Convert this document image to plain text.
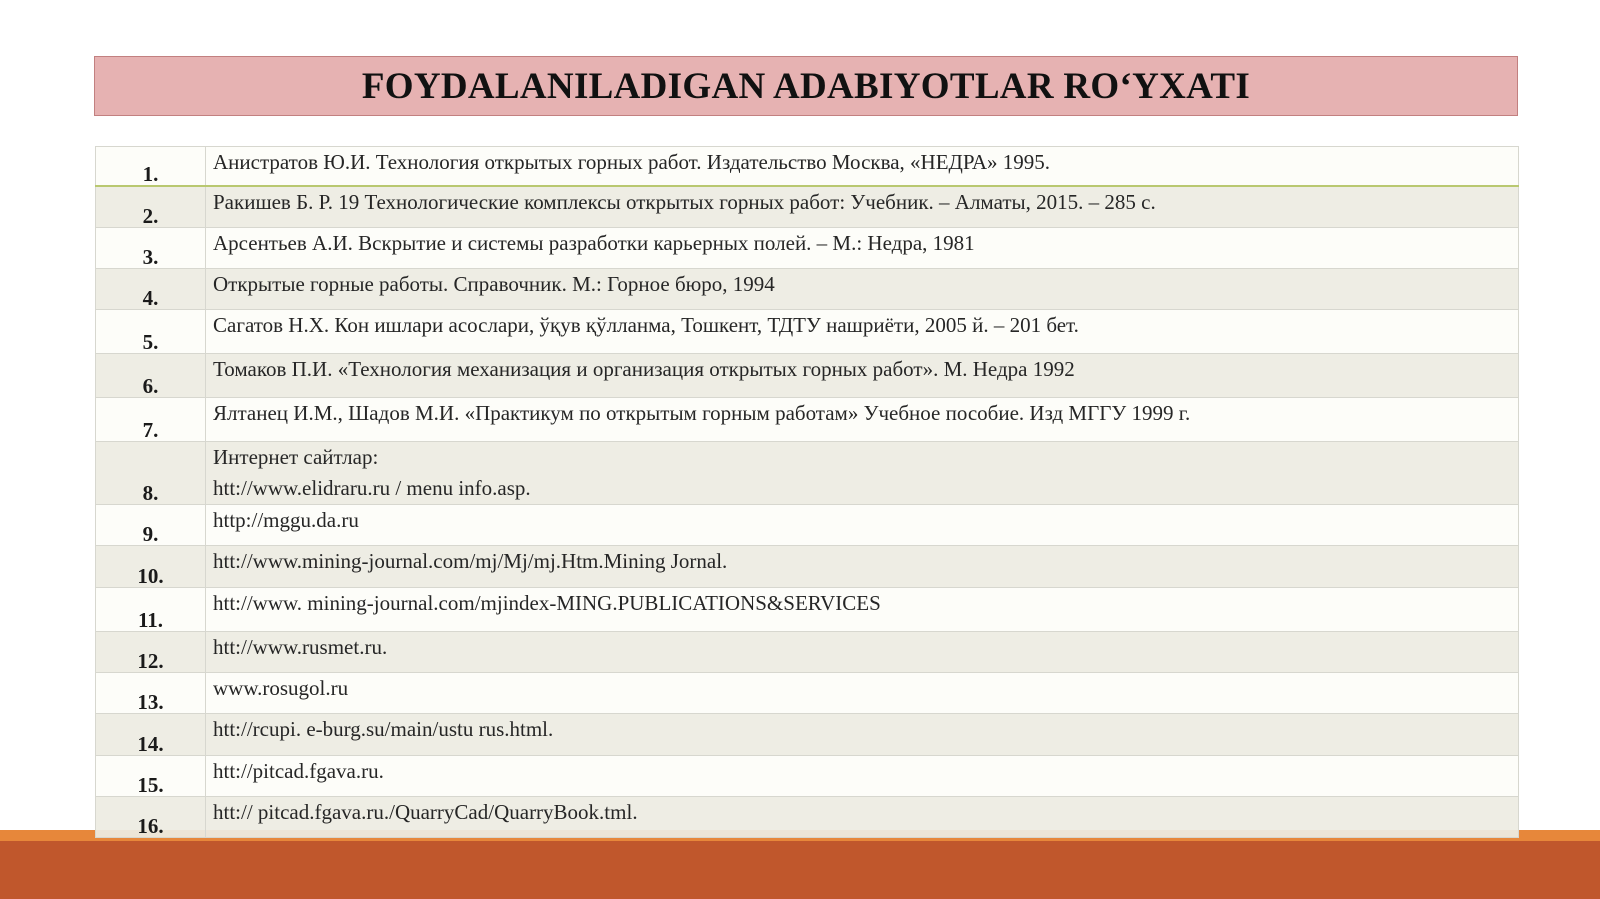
FOYDALANILADIGAN ADABIYOTLAR RO‘YXATI
1.	Анистратов Ю.И. Технология открытых горных работ. Издательство Москва, «НЕДРА» 1995.

2.	Ракишев Б. Р. 19 Технологические комплексы открытых горных работ: Учебник. – Алматы, 2015. – 285 с.

3.	Арсентьев А.И. Вскрытие и системы разработки карьерных полей. – М.: Недра, 1981

4.	Открытые горные работы. Справочник. М.: Горное бюро, 1994

5.	Сагатов Н.Х. Кон ишлари асослари, ўқув қўлланма, Тошкент, ТДТУ нашриёти, 2005 й. – 201 бет.

6.	Томаков П.И. «Технология механизация и организация открытых горных работ». М. Недра 1992

7.	Ялтанец И.М., Шадов М.И. «Практикум по открытым горным работам» Учебное пособие. Изд МГГУ 1999 г.

8.	Интернет сайтлар:
htt://www.elidraru.ru / menu info.asp.

9.	http://mggu.da.ru

10.	htt://www.mining-journal.com/mj/Mj/mj.Htm.Mining Jornal.

11.	htt://www. mining-journal.com/mjindex-MING.PUBLICATIONS&SERVICES

12.	htt://www.rusmet.ru.

13.	www.rosugol.ru

14.	htt://rcupi. e-burg.su/main/ustu rus.html.

15.	htt://pitcad.fgava.ru.

16.	htt:// pitcad.fgava.ru./QuarryCad/QuarryBook.tml.
